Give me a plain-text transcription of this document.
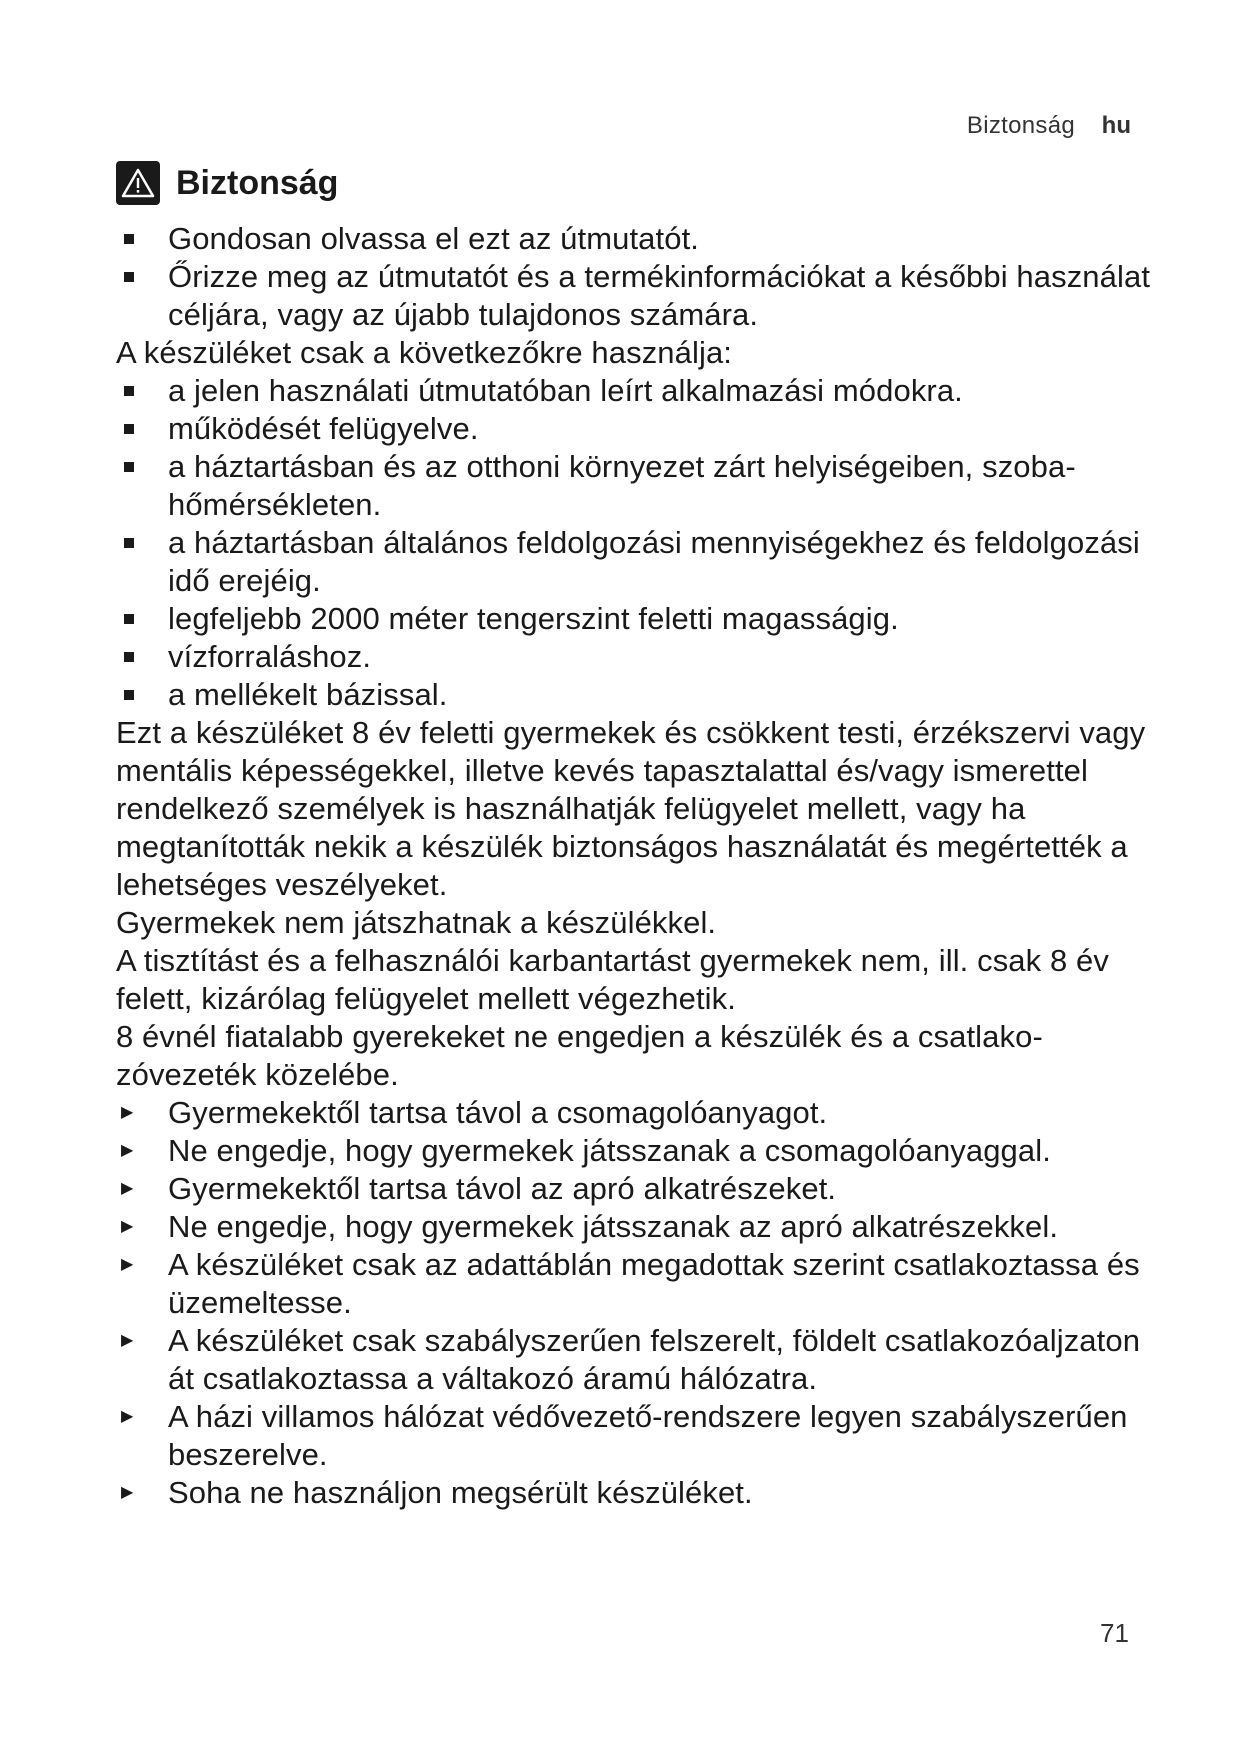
Biztonság hu
Biztonság
Gondosan olvassa el ezt az útmutatót.
Őrizze meg az útmutatót és a termékinformációkat a későbbi használat céljára, vagy az újabb tulajdonos számára.

A készüléket csak a következőkre használja:

a jelen használati útmutatóban leírt alkalmazási módokra.
működését felügyelve.
a háztartásban és az otthoni környezet zárt helyiségeiben, szobahőmérsékleten.
a háztartásban általános feldolgozási mennyiségekhez és feldolgozási idő erejéig.
legfeljebb 2000 méter tengerszint feletti magasságig.
vízforraláshoz.
a mellékelt bázissal.

Ezt a készüléket 8 év feletti gyermekek és csökkent testi, érzékszervi vagy mentális képességekkel, illetve kevés tapasztalattal és/​vagy ismerettel rendelkező személyek is használhatják felügyelet mellett, vagy ha megtanították nekik a készülék biztonságos használatát és megértették a lehetséges veszélyeket.

Gyermekek nem játszhatnak a készülékkel.

A tisztítást és a felhasználói karbantartást gyermekek nem, ill. csak 8 év felett, kizárólag felügyelet mellett végezhetik.

8 évnél fiatalabb gyerekeket ne engedjen a készülék és a csatlakozóvezeték közelébe.

▶ Gyermekektől tartsa távol a csomagolóanyagot.
▶ Ne engedje, hogy gyermekek játsszanak a csomagolóanyaggal.
▶ Gyermekektől tartsa távol az apró alkatrészeket.
▶ Ne engedje, hogy gyermekek játsszanak az apró alkatrészekkel.
▶ A készüléket csak az adattáblán megadottak szerint csatlakoztassa és üzemeltesse.
▶ A készüléket csak szabályszerűen felszerelt, földelt csatlakozóaljzaton át csatlakoztassa a váltakozó áramú hálózatra.
▶ A házi villamos hálózat védővezető-rendszere legyen szabályszerűen beszerelve.
▶ Soha ne használjon megsérült készüléket.
71
